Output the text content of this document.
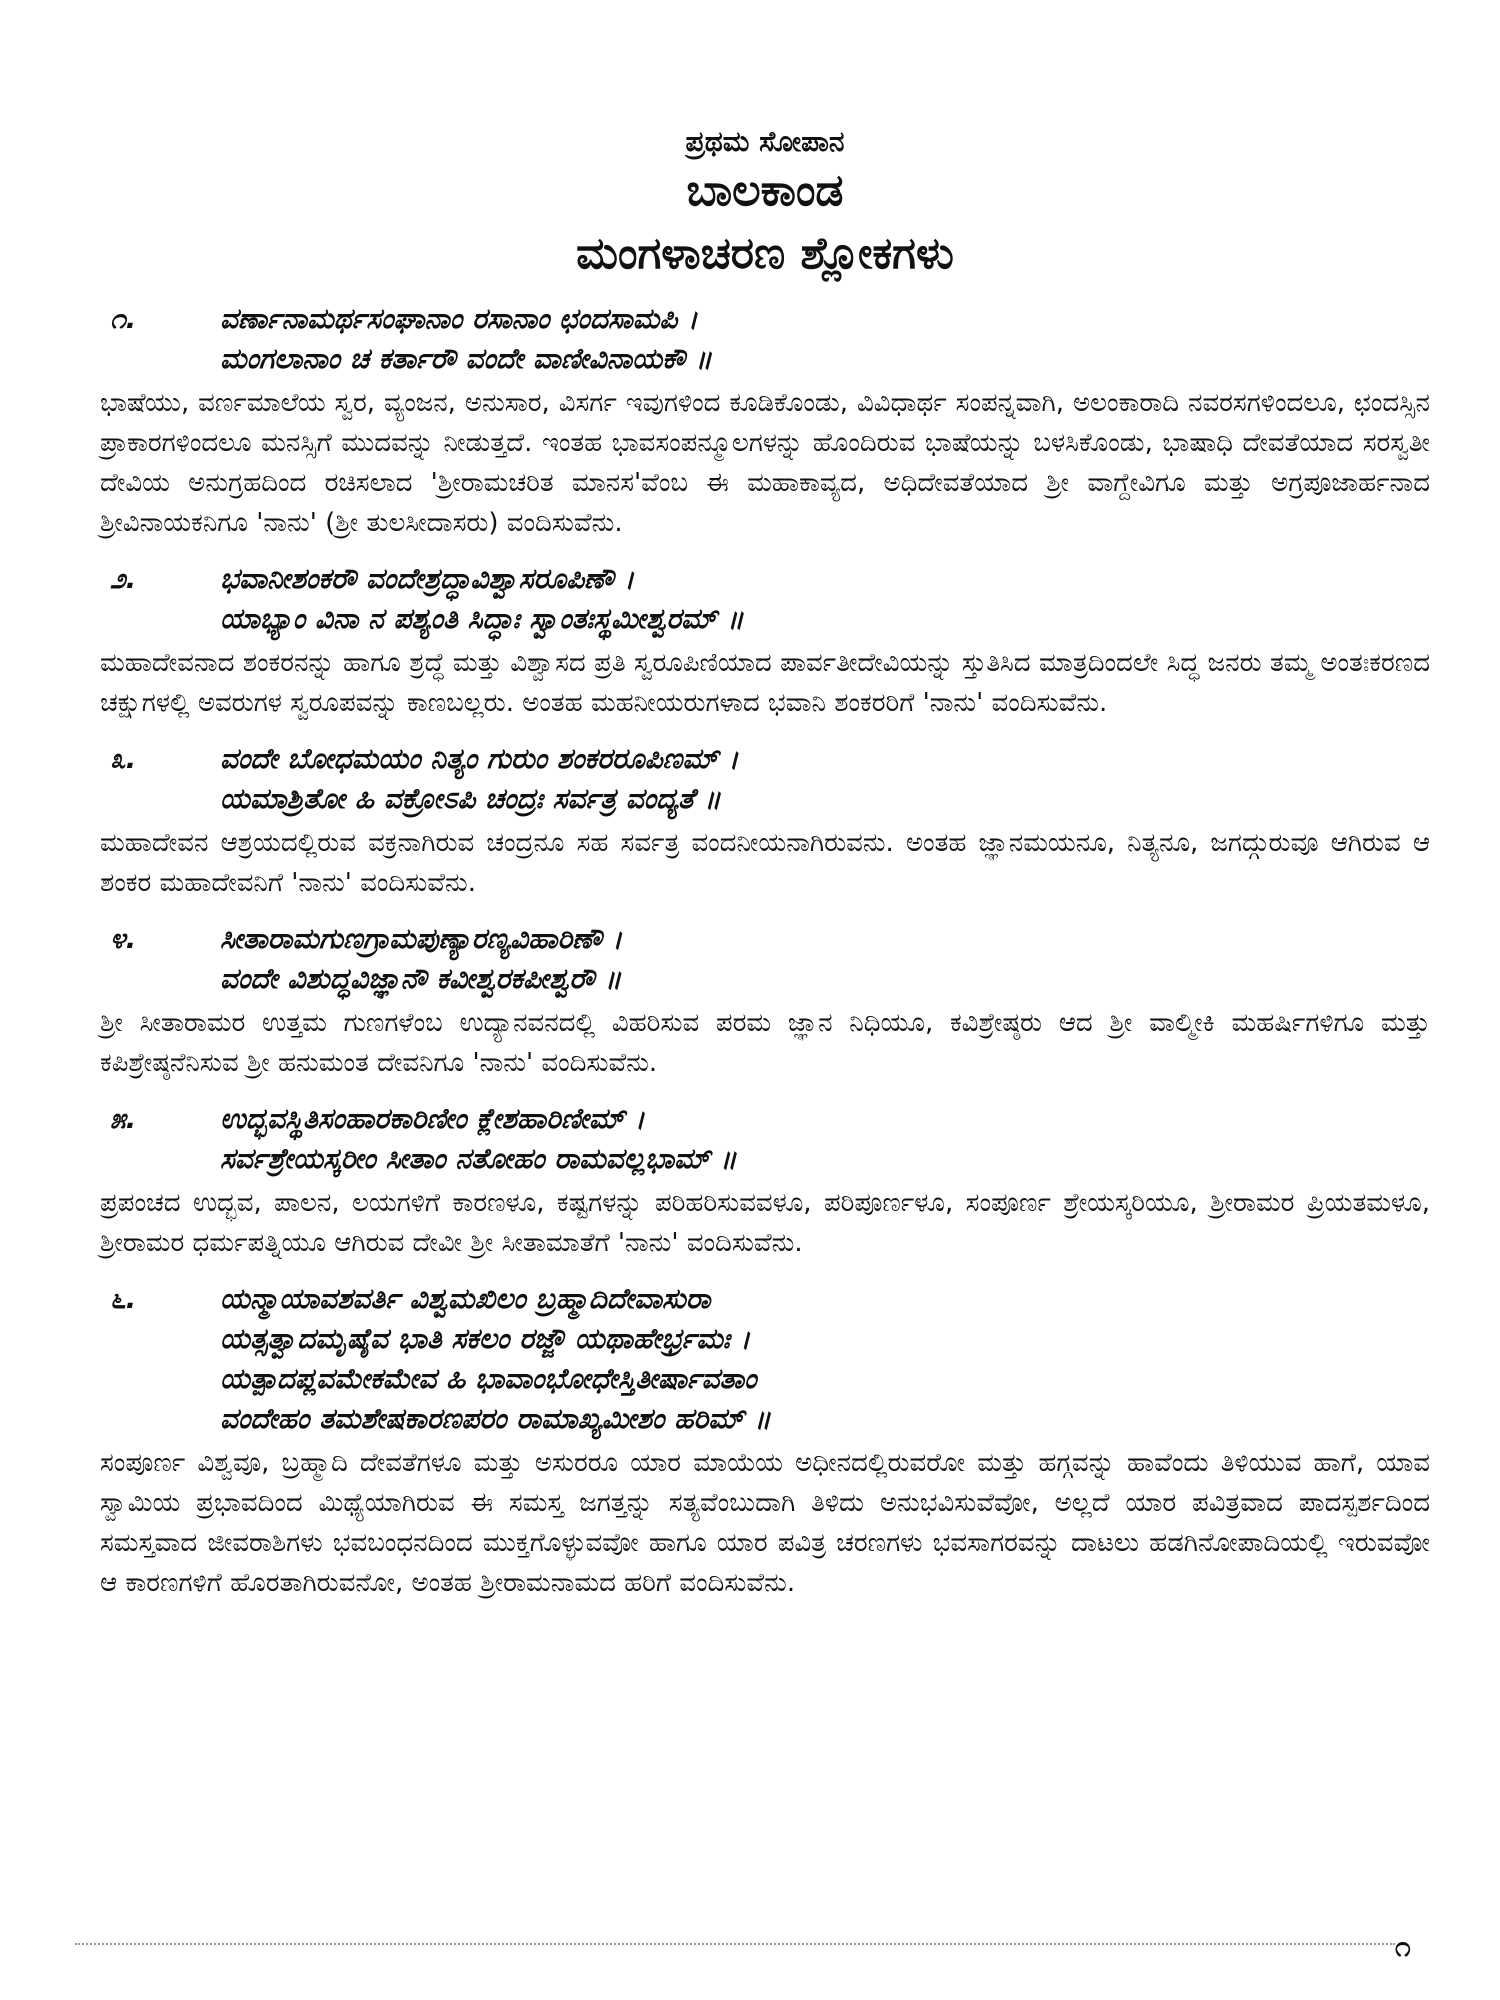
ಪ್ರಥಮ ಸೋಪಾನ
ಬಾಲಕಾಂಡ
ಮಂಗಳಾಚರಣ ಶ್ಲೋಕಗಳು
೧.	ವರ್ಣಾನಾಮರ್ಥಸಂಘಾನಾಂ ರಸಾನಾಂ ಛಂದಸಾಮಪಿ ।
ಮಂಗಲಾನಾಂ ಚ ಕರ್ತಾರೌ ವಂದೇ ವಾಣೀವಿನಾಯಕೌ ॥
ಭಾಷೆಯು, ವರ್ಣಮಾಲೆಯ ಸ್ವರ, ವ್ಯಂಜನ, ಅನುಸಾರ, ವಿಸರ್ಗ ಇವುಗಳಿಂದ ಕೂಡಿಕೊಂಡು, ವಿವಿಧಾರ್ಥ ಸಂಪನ್ನವಾಗಿ, ಅಲಂಕಾರಾದಿ ನವರಸಗಳಿಂದಲೂ, ಛಂದಸ್ಸಿನ ಪ್ರಾಕಾರಗಳಿಂದಲೂ ಮನಸ್ಸಿಗೆ ಮುದವನ್ನು ನೀಡುತ್ತದೆ. ಇಂತಹ ಭಾವಸಂಪನ್ಮೂಲಗಳನ್ನು ಹೊಂದಿರುವ ಭಾಷೆಯನ್ನು ಬಳಸಿಕೊಂಡು, ಭಾಷಾಧಿ ದೇವತೆಯಾದ ಸರಸ್ವತೀ ದೇವಿಯ ಅನುಗ್ರಹದಿಂದ ರಚಿಸಲಾದ 'ಶ್ರೀರಾಮಚರಿತ ಮಾನಸ'ವೆಂಬ ಈ ಮಹಾಕಾವ್ಯದ, ಅಧಿದೇವತೆಯಾದ ಶ್ರೀ ವಾಗ್ದೇವಿಗೂ ಮತ್ತು ಅಗ್ರಪೂಜಾರ್ಹನಾದ ಶ್ರೀವಿನಾಯಕನಿಗೂ 'ನಾನು' (ಶ್ರೀ ತುಲಸೀದಾಸರು) ವಂದಿಸುವೆನು.
೨.	ಭವಾನೀಶಂಕರೌ ವಂದೇಶ್ರದ್ಧಾವಿಶ್ವಾಸರೂಪಿಣೌ ।
ಯಾಭ್ಯಾಂ ವಿನಾ ನ ಪಶ್ಯಂತಿ ಸಿದ್ಧಾಃ ಸ್ವಾಂತಃಸ್ಥಮೀಶ್ವರಮ್ ॥
ಮಹಾದೇವನಾದ ಶಂಕರನನ್ನು ಹಾಗೂ ಶ್ರದ್ಧೆ ಮತ್ತು ವಿಶ್ವಾಸದ ಪ್ರತಿ ಸ್ವರೂಪಿಣಿಯಾದ ಪಾರ್ವತೀದೇವಿಯನ್ನು ಸ್ತುತಿಸಿದ ಮಾತ್ರದಿಂದಲೇ ಸಿದ್ಧ ಜನರು ತಮ್ಮ ಅಂತಃಕರಣದ ಚಕ್ಷುಗಳಲ್ಲಿ ಅವರುಗಳ ಸ್ವರೂಪವನ್ನು ಕಾಣಬಲ್ಲರು. ಅಂತಹ ಮಹನೀಯರುಗಳಾದ ಭವಾನಿ ಶಂಕರರಿಗೆ 'ನಾನು' ವಂದಿಸುವೆನು.
೩.	ವಂದೇ ಬೋಧಮಯಂ ನಿತ್ಯಂ ಗುರುಂ ಶಂಕರರೂಪಿಣಮ್ ।
ಯಮಾಶ್ರಿತೋ ಹಿ ವಕ್ರೋಽಪಿ ಚಂದ್ರಃ ಸರ್ವತ್ರ ವಂದ್ಯತೆ ॥
ಮಹಾದೇವನ ಆಶ್ರಯದಲ್ಲಿರುವ ವಕ್ರನಾಗಿರುವ ಚಂದ್ರನೂ ಸಹ ಸರ್ವತ್ರ ವಂದನೀಯನಾಗಿರುವನು. ಅಂತಹ ಜ್ಞಾನಮಯನೂ, ನಿತ್ಯನೂ, ಜಗದ್ಗುರುವೂ ಆಗಿರುವ ಆ ಶಂಕರ ಮಹಾದೇವನಿಗೆ 'ನಾನು' ವಂದಿಸುವೆನು.
೪.	ಸೀತಾರಾಮಗುಣಗ್ರಾಮಪುಣ್ಯಾರಣ್ಯವಿಹಾರಿಣೌ ।
ವಂದೇ ವಿಶುದ್ಧವಿಜ್ಞಾನೌ ಕವೀಶ್ವರಕಪೀಶ್ವರೌ ॥
ಶ್ರೀ ಸೀತಾರಾಮರ ಉತ್ತಮ ಗುಣಗಳೆಂಬ ಉದ್ಯಾನವನದಲ್ಲಿ ವಿಹರಿಸುವ ಪರಮ ಜ್ಞಾನ ನಿಧಿಯೂ, ಕವಿಶ್ರೇಷ್ಠರು ಆದ ಶ್ರೀ ವಾಲ್ಮೀಕಿ ಮಹರ್ಷಿಗಳಿಗೂ ಮತ್ತು ಕಪಿಶ್ರೇಷ್ಠನೆನಿಸುವ ಶ್ರೀ ಹನುಮಂತ ದೇವನಿಗೂ 'ನಾನು' ವಂದಿಸುವೆನು.
೫.	ಉದ್ಭವಸ್ಥಿತಿಸಂಹಾರಕಾರಿಣೀಂ ಕ್ಲೇಶಹಾರಿಣೀಮ್ ।
ಸರ್ವಶ್ರೇಯಸ್ಕರೀಂ ಸೀತಾಂ ನತೋಹಂ ರಾಮವಲ್ಲಭಾಮ್ ॥
ಪ್ರಪಂಚದ ಉದ್ಭವ, ಪಾಲನ, ಲಯಗಳಿಗೆ ಕಾರಣಳೂ, ಕಷ್ಟಗಳನ್ನು ಪರಿಹರಿಸುವವಳೂ, ಪರಿಪೂರ್ಣಳೂ, ಸಂಪೂರ್ಣ ಶ್ರೇಯಸ್ಕರಿಯೂ, ಶ್ರೀರಾಮರ ಪ್ರಿಯತಮಳೂ, ಶ್ರೀರಾಮರ ಧರ್ಮಪತ್ನಿಯೂ ಆಗಿರುವ ದೇವೀ ಶ್ರೀ ಸೀತಾಮಾತೆಗೆ 'ನಾನು' ವಂದಿಸುವೆನು.
೬.	ಯನ್ಮಾಯಾವಶವರ್ತಿ ವಿಶ್ವಮಖಿಲಂ ಬ್ರಹ್ಮಾದಿದೇವಾಸುರಾ
ಯತ್ಸತ್ವಾದಮೃಷೈವ ಭಾತಿ ಸಕಲಂ ರಜ್ಜೌ ಯಥಾಹೇರ್ಭ್ರಮಃ ।
ಯತ್ಪಾದಪ್ಲವಮೇಕಮೇವ ಹಿ ಭಾವಾಂಭೋಧೇಸ್ತಿತೀರ್ಷಾವತಾಂ
ವಂದೇಹಂ ತಮಶೇಷಕಾರಣಪರಂ ರಾಮಾಖ್ಯಮೀಶಂ ಹರಿಮ್ ॥
ಸಂಪೂರ್ಣ ವಿಶ್ವವೂ, ಬ್ರಹ್ಮಾದಿ ದೇವತೆಗಳೂ ಮತ್ತು ಅಸುರರೂ ಯಾರ ಮಾಯೆಯ ಅಧೀನದಲ್ಲಿರುವರೋ ಮತ್ತು ಹಗ್ಗವನ್ನು ಹಾವೆಂದು ತಿಳಿಯುವ ಹಾಗೆ, ಯಾವ ಸ್ವಾಮಿಯ ಪ್ರಭಾವದಿಂದ ಮಿಥ್ಯೆಯಾಗಿರುವ ಈ ಸಮಸ್ತ ಜಗತ್ತನ್ನು ಸತ್ಯವೆಂಬುದಾಗಿ ತಿಳಿದು ಅನುಭವಿಸುವೆವೋ, ಅಲ್ಲದೆ ಯಾರ ಪವಿತ್ರವಾದ ಪಾದಸ್ಪರ್ಶದಿಂದ ಸಮಸ್ತವಾದ ಜೀವರಾಶಿಗಳು ಭವಬಂಧನದಿಂದ ಮುಕ್ತಗೊಳ್ಳುವವೋ ಹಾಗೂ ಯಾರ ಪವಿತ್ರ ಚರಣಗಳು ಭವಸಾಗರವನ್ನು ದಾಟಲು ಹಡಗಿನೋಪಾದಿಯಲ್ಲಿ ಇರುವವೋ ಆ ಕಾರಣಗಳಿಗೆ ಹೊರತಾಗಿರುವನೋ, ಅಂತಹ ಶ್ರೀರಾಮನಾಮದ ಹರಿಗೆ ವಂದಿಸುವೆನು.
೧
